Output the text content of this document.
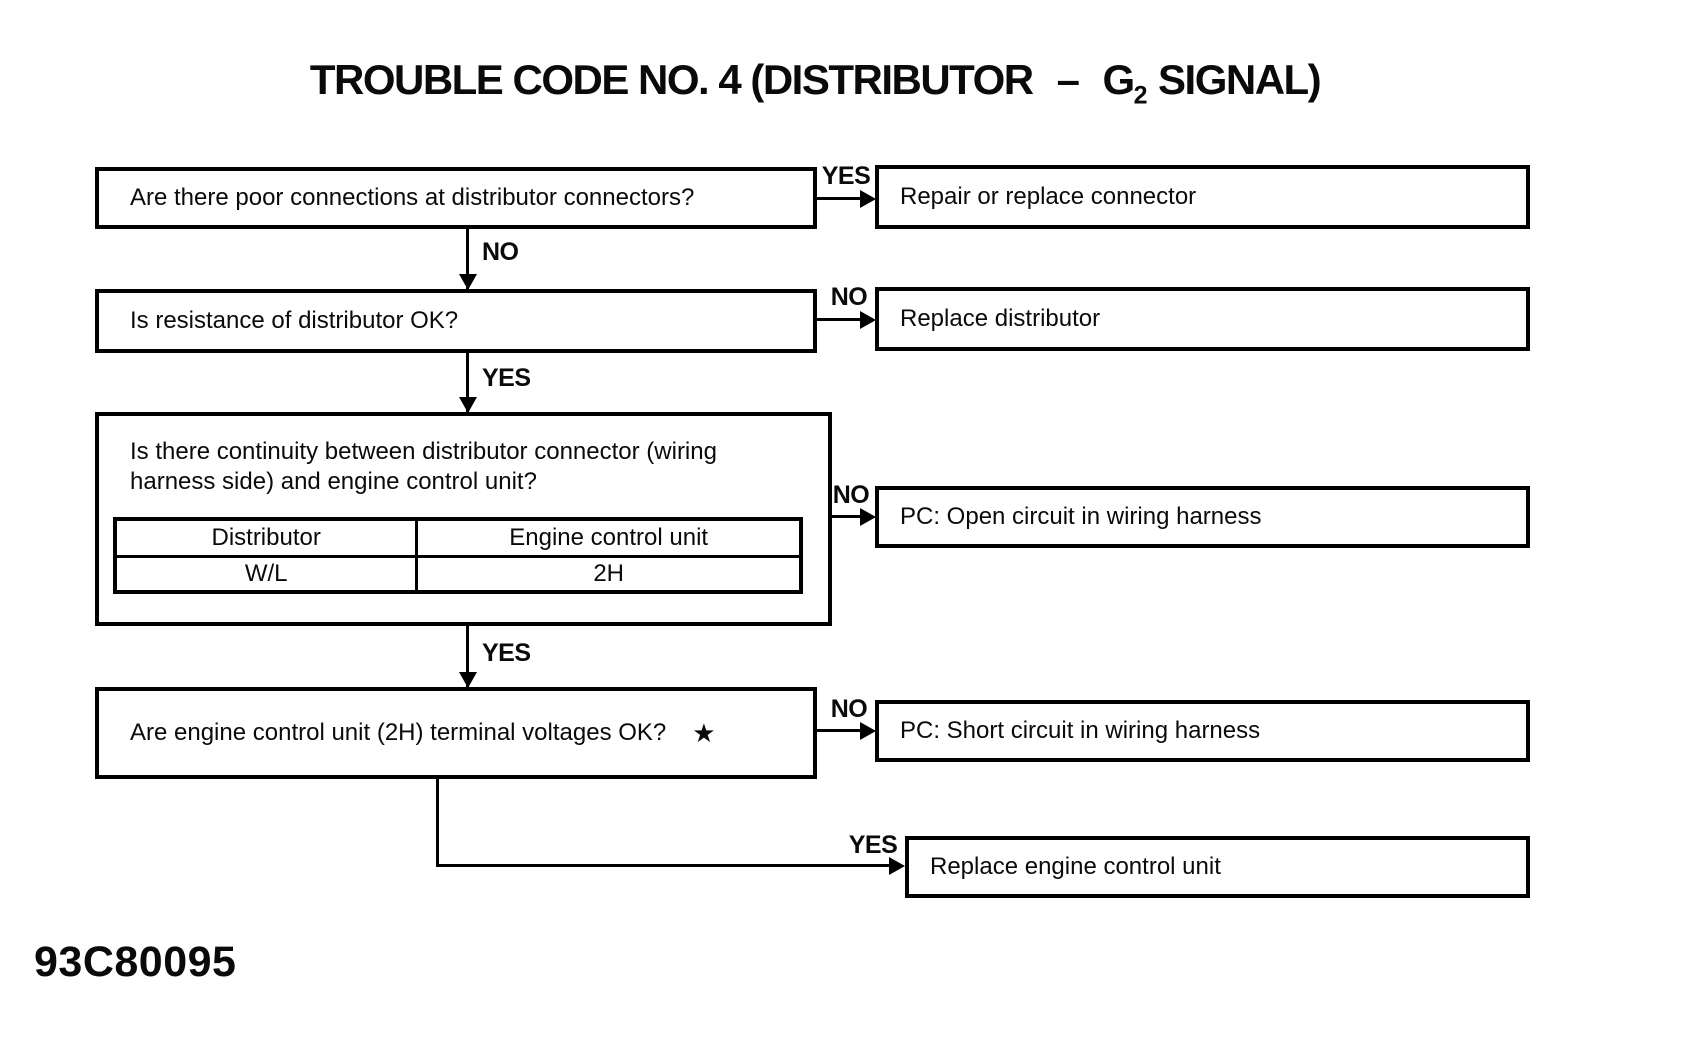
TROUBLE CODE NO. 4 (DISTRIBUTOR – $G_2$ SIGNAL)
Are there poor connections at distributor connectors?
Is resistance of distributor OK?
Is there continuity between distributor connector (wiring harness side) and engine control unit?
Distributor	Engine control unit
W/L	2H
Are engine control unit (2H) terminal voltages OK? ★
Repair or replace connector
Replace distributor
PC: Open circuit in wiring harness
PC: Short circuit in wiring harness
Replace engine control unit
YES
NO
NO
YES
NO
YES
NO
YES
93C80095
